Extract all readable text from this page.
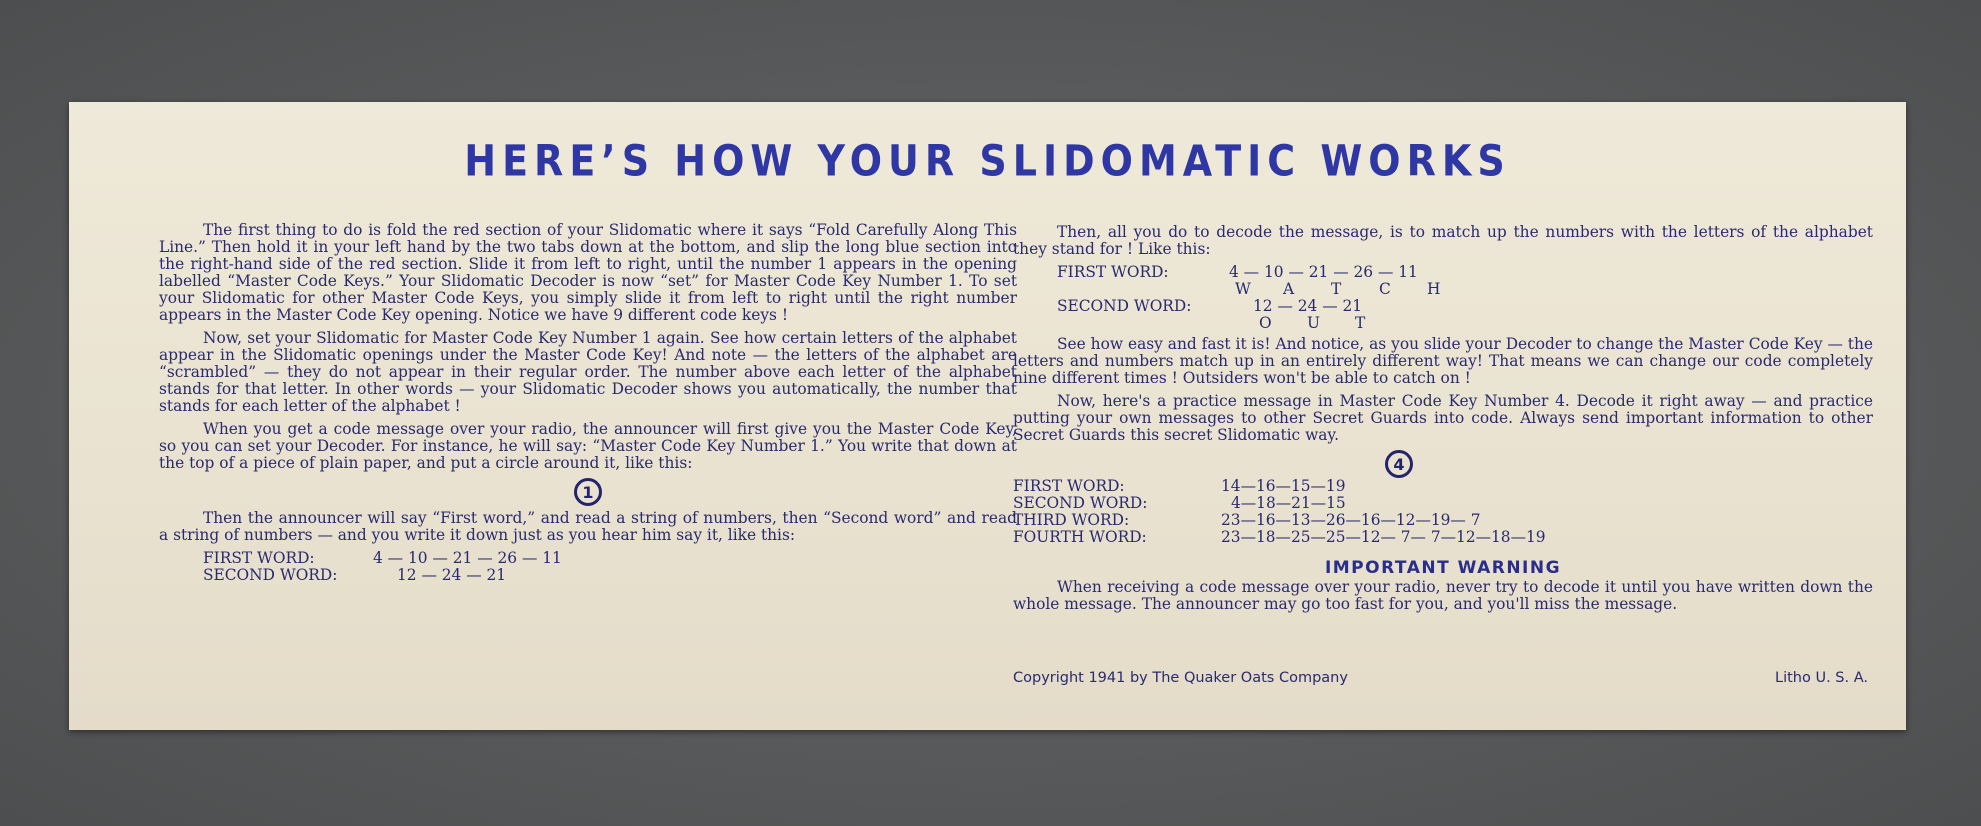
HERE’S HOW YOUR SLIDOMATIC WORKS

The first thing to do is fold the red section of your Slidomatic where it says “Fold Carefully Along This Line.” Then hold it in your left hand by the two tabs down at the bottom, and slip the long blue section into the right-hand side of the red section. Slide it from left to right, until the number 1 appears in the opening labelled “Master Code Keys.” Your Slidomatic Decoder is now “set” for Master Code Key Number 1. To set your Slidomatic for other Master Code Keys, you simply slide it from left to right until the right number appears in the Master Code Key opening. Notice we have 9 different code keys !

Now, set your Slidomatic for Master Code Key Number 1 again. See how certain letters of the alphabet appear in the Slidomatic openings under the Master Code Key! And note — the letters of the alphabet are “scrambled” — they do not appear in their regular order. The number above each letter of the alphabet stands for that letter. In other words — your Slidomatic Decoder shows you automatically, the number that stands for each letter of the alphabet !

When you get a code message over your radio, the announcer will first give you the Master Code Key, so you can set your Decoder. For instance, he will say: “Master Code Key Number 1.” You write that down at the top of a piece of plain paper, and put a circle around it, like this:

1

Then the announcer will say “First word,” and read a string of numbers, then “Second word” and read a string of numbers — and you write it down just as you hear him say it, like this:

FIRST WORD:	4 — 10 — 21 — 26 — 11
SECOND WORD:	12 — 24 — 21

Then, all you do to decode the message, is to match up the numbers with the letters of the alphabet they stand for ! Like this:

FIRST WORD:	4 — 10 — 21 — 26 — 11
W	A	T	C	H
SECOND WORD:	12 — 24 — 21
O	U	T

See how easy and fast it is! And notice, as you slide your Decoder to change the Master Code Key — the letters and numbers match up in an entirely different way! That means we can change our code completely nine different times ! Outsiders won't be able to catch on !

Now, here's a practice message in Master Code Key Number 4. Decode it right away — and practice putting your own messages to other Secret Guards into code. Always send important information to other Secret Guards this secret Slidomatic way.

4
FIRST WORD:	14—16—15—19
SECOND WORD:	4—18—21—15
THIRD WORD:	23—16—13—26—16—12—19— 7
FOURTH WORD:	23—18—25—25—12— 7— 7—12—18—19
IMPORTANT WARNING

When receiving a code message over your radio, never try to decode it until you have written down the whole message. The announcer may go too fast for you, and you'll miss the message.

Copyright 1941 by The Quaker Oats Company	Litho U. S. A.
